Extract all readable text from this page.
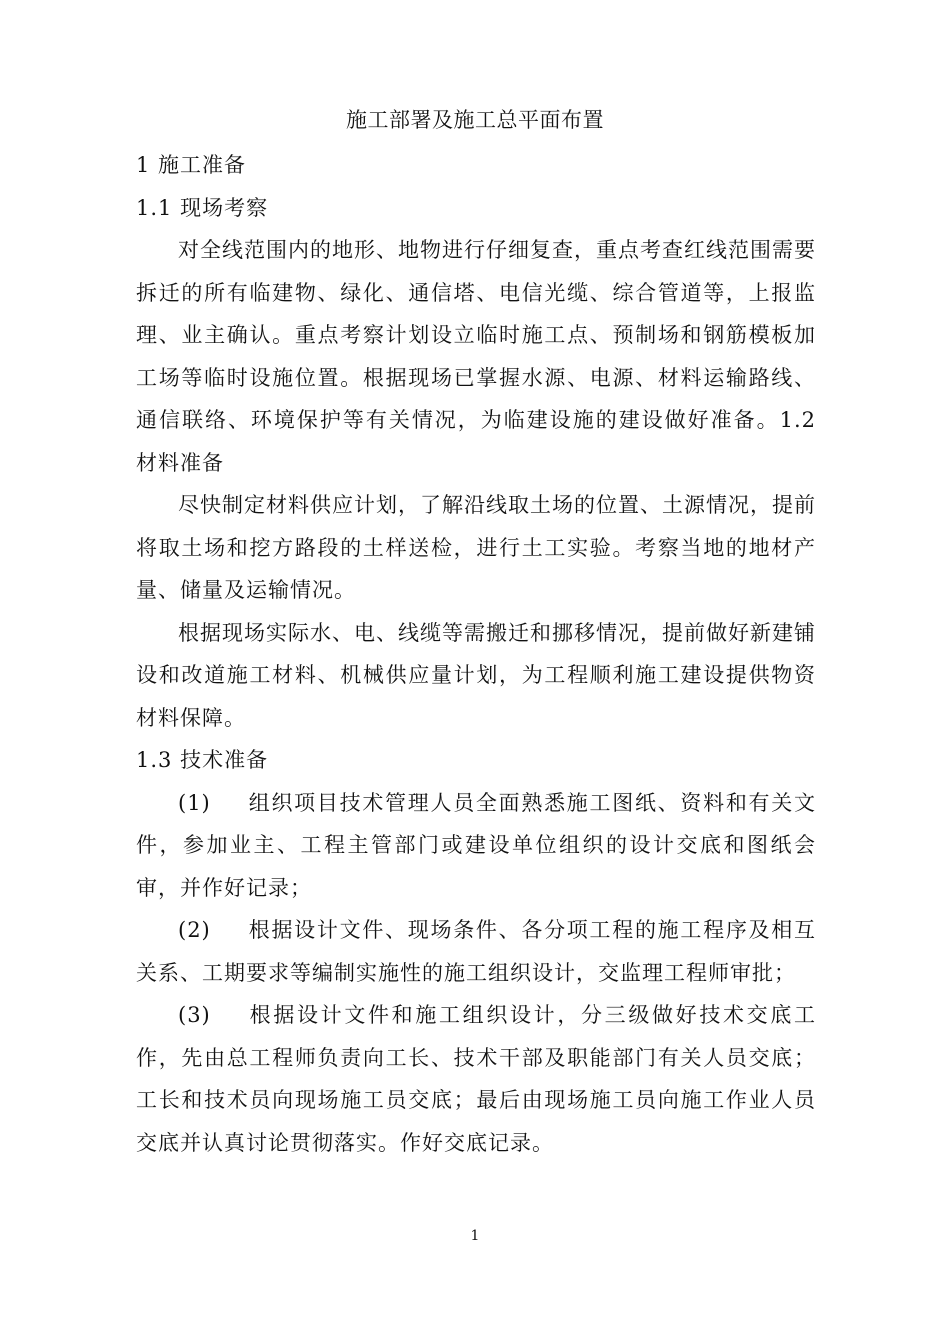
施工部署及施工总平面布置

1 施工准备

1.1 现场考察

对全线范围内的地形、地物进行仔细复查，重点考查红线范围需要拆迁的所有临建物、绿化、通信塔、电信光缆、综合管道等，上报监理、业主确认。重点考察计划设立临时施工点、预制场和钢筋模板加工场等临时设施位置。根据现场已掌握水源、电源、材料运输路线、通信联络、环境保护等有关情况，为临建设施的建设做好准备。1.2 材料准备

尽快制定材料供应计划，了解沿线取土场的位置、土源情况，提前将取土场和挖方路段的土样送检，进行土工实验。考察当地的地材产量、储量及运输情况。

根据现场实际水、电、线缆等需搬迁和挪移情况，提前做好新建铺设和改道施工材料、机械供应量计划，为工程顺利施工建设提供物资材料保障。

1.3 技术准备

(1) 组织项目技术管理人员全面熟悉施工图纸、资料和有关文件，参加业主、工程主管部门或建设单位组织的设计交底和图纸会审，并作好记录；

(2) 根据设计文件、现场条件、各分项工程的施工程序及相互关系、工期要求等编制实施性的施工组织设计，交监理工程师审批；

(3) 根据设计文件和施工组织设计，分三级做好技术交底工作，先由总工程师负责向工长、技术干部及职能部门有关人员交底；工长和技术员向现场施工员交底；最后由现场施工员向施工作业人员交底并认真讨论贯彻落实。作好交底记录。

1
